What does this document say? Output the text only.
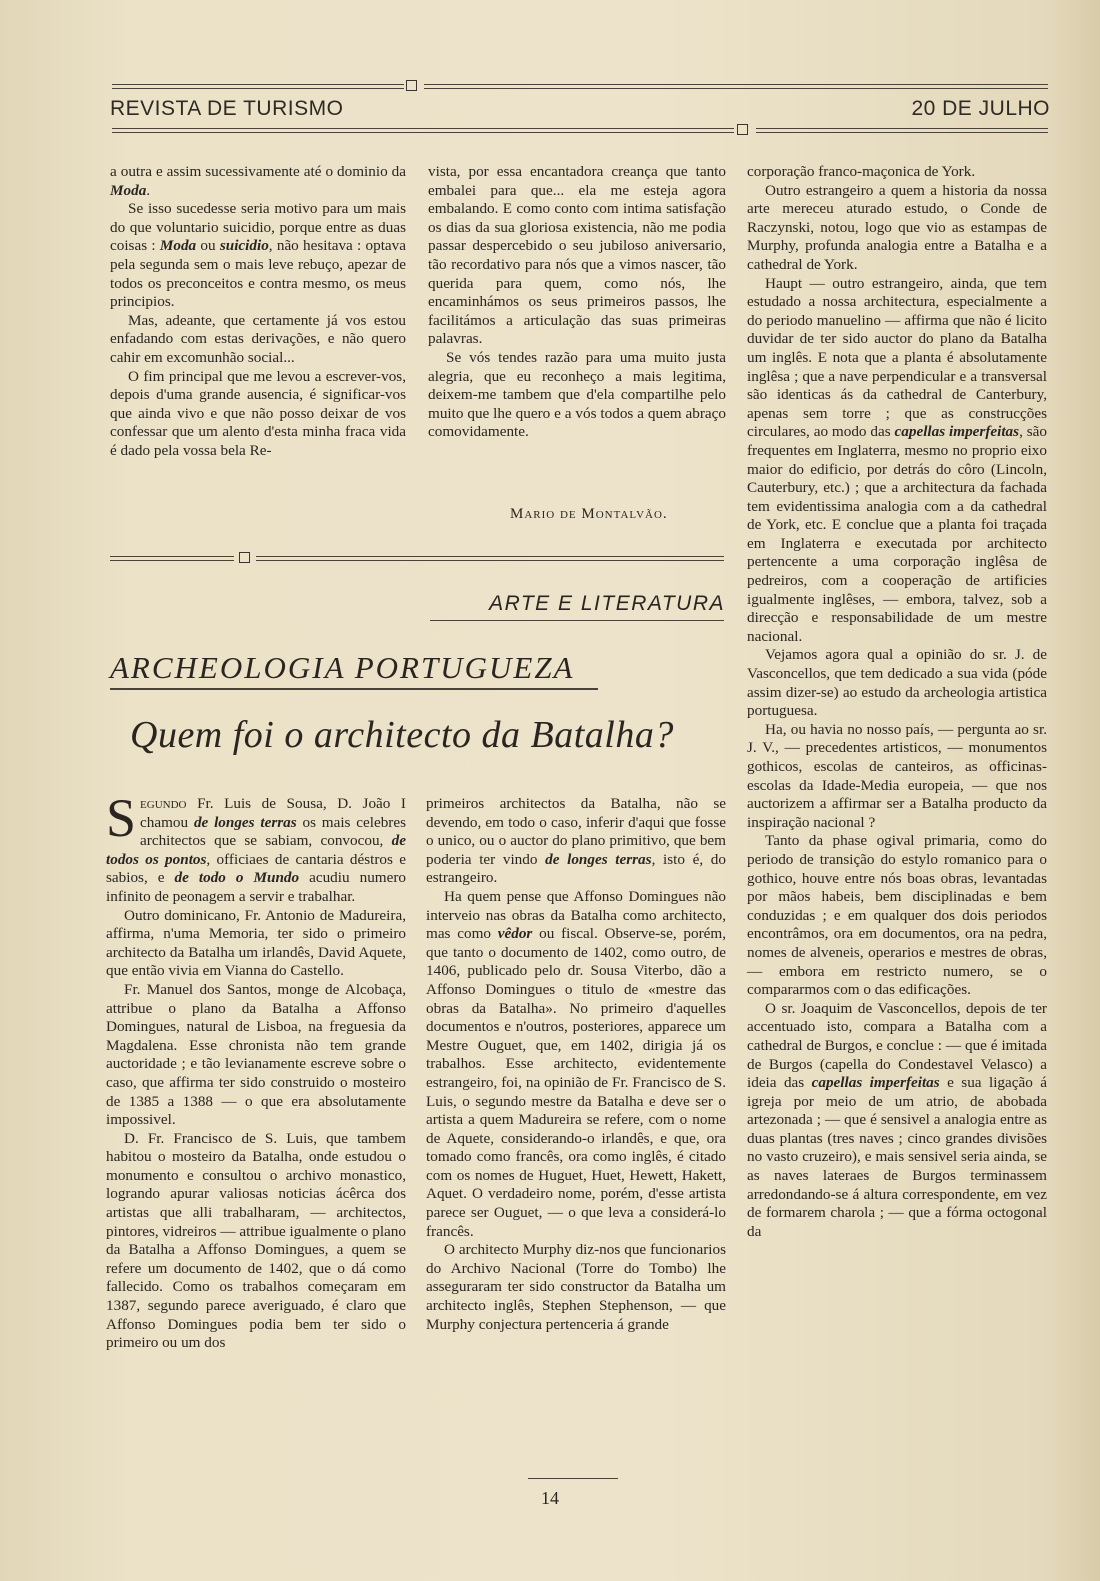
REVISTA DE TURISMO	20 DE JULHO

a outra e assim sucessivamente até o dominio da Moda.

Se isso sucedesse seria motivo para um mais do que voluntario suicidio, porque entre as duas coisas : Moda ou suicidio, não hesitava : optava pela segunda sem o mais leve rebuço, apezar de todos os preconceitos e contra mesmo, os meus principios.

Mas, adeante, que certamente já vos estou enfadando com estas derivações, e não quero cahir em excomunhão social...

O fim principal que me levou a escrever-vos, depois d'uma grande ausencia, é significar-vos que ainda vivo e que não posso deixar de vos confessar que um alento d'esta minha fraca vida é dado pela vossa bela Re-

vista, por essa encantadora creança que tanto embalei para que... ela me esteja agora embalando. E como conto com intima satisfação os dias da sua gloriosa existencia, não me podia passar despercebido o seu jubiloso aniversario, tão recordativo para nós que a vimos nascer, tão querida para quem, como nós, lhe encaminhámos os seus primeiros passos, lhe facilitámos a articulação das suas primeiras palavras.

Se vós tendes razão para uma muito justa alegria, que eu reconheço a mais legitima, deixem-me tambem que d'ela compartilhe pelo muito que lhe quero e a vós todos a quem abraço comovidamente.

Mario de Montalvão.
ARTE E LITERATURA
ARCHEOLOGIA PORTUGUEZA
Quem foi o architecto da Batalha?

Segundo Fr. Luis de Sousa, D. João I chamou de longes terras os mais celebres architectos que se sabiam, convocou, de todos os pontos, officiaes de cantaria déstros e sabios, e de todo o Mundo acudiu numero infinito de peonagem a servir e trabalhar.

Outro dominicano, Fr. Antonio de Madureira, affirma, n'uma Memoria, ter sido o primeiro architecto da Batalha um irlandês, David Aquete, que então vivia em Vianna do Castello.

Fr. Manuel dos Santos, monge de Alcobaça, attribue o plano da Batalha a Affonso Domingues, natural de Lisboa, na freguesia da Magdalena. Esse chronista não tem grande auctoridade ; e tão levianamente escreve sobre o caso, que affirma ter sido construido o mosteiro de 1385 a 1388 — o que era absolutamente impossivel.

D. Fr. Francisco de S. Luis, que tambem habitou o mosteiro da Batalha, onde estudou o monumento e consultou o archivo monastico, logrando apurar valiosas noticias ácêrca dos artistas que alli trabalharam, — architectos, pintores, vidreiros — attribue igualmente o plano da Batalha a Affonso Domingues, a quem se refere um documento de 1402, que o dá como fallecido. Como os trabalhos começaram em 1387, segundo parece averiguado, é claro que Affonso Domingues podia bem ter sido o primeiro ou um dos

primeiros architectos da Batalha, não se devendo, em todo o caso, inferir d'aqui que fosse o unico, ou o auctor do plano primitivo, que bem poderia ter vindo de longes terras, isto é, do estrangeiro.

Ha quem pense que Affonso Domingues não interveio nas obras da Batalha como architecto, mas como vêdor ou fiscal. Observe-se, porém, que tanto o documento de 1402, como outro, de 1406, publicado pelo dr. Sousa Viterbo, dão a Affonso Domingues o titulo de «mestre das obras da Batalha». No primeiro d'aquelles documentos e n'outros, posteriores, apparece um Mestre Ouguet, que, em 1402, dirigia já os trabalhos. Esse architecto, evidentemente estrangeiro, foi, na opinião de Fr. Francisco de S. Luis, o segundo mestre da Batalha e deve ser o artista a quem Madureira se refere, com o nome de Aquete, considerando-o irlandês, e que, ora tomado como francês, ora como inglês, é citado com os nomes de Huguet, Huet, Hewett, Hakett, Aquet. O verdadeiro nome, porém, d'esse artista parece ser Ouguet, — o que leva a considerá-lo francês.

O architecto Murphy diz-nos que funcionarios do Archivo Nacional (Torre do Tombo) lhe asseguraram ter sido constructor da Batalha um architecto inglês, Stephen Stephenson, — que Murphy conjectura pertenceria á grande

corporação franco-maçonica de York.

Outro estrangeiro a quem a historia da nossa arte mereceu aturado estudo, o Conde de Raczynski, notou, logo que vio as estampas de Murphy, profunda analogia entre a Batalha e a cathedral de York.

Haupt — outro estrangeiro, ainda, que tem estudado a nossa architectura, especialmente a do periodo manuelino — affirma que não é licito duvidar de ter sido auctor do plano da Batalha um inglês. E nota que a planta é absolutamente inglêsa ; que a nave perpendicular e a transversal são identicas ás da cathedral de Canterbury, apenas sem torre ; que as construcções circulares, ao modo das capellas imperfeitas, são frequentes em Inglaterra, mesmo no proprio eixo maior do edificio, por detrás do côro (Lincoln, Cauterbury, etc.) ; que a architectura da fachada tem evidentissima analogia com a da cathedral de York, etc. E conclue que a planta foi traçada em Inglaterra e executada por architecto pertencente a uma corporação inglêsa de pedreiros, com a cooperação de artificies igualmente inglêses, — embora, talvez, sob a direcção e responsabilidade de um mestre nacional.

Vejamos agora qual a opinião do sr. J. de Vasconcellos, que tem dedicado a sua vida (póde assim dizer-se) ao estudo da archeologia artistica portuguesa.

Ha, ou havia no nosso país, — pergunta ao sr. J. V., — precedentes artisticos, — monumentos gothicos, escolas de canteiros, as officinas-escolas da Idade-Media europeia, — que nos auctorizem a affirmar ser a Batalha producto da inspiração nacional ?

Tanto da phase ogival primaria, como do periodo de transição do estylo romanico para o gothico, houve entre nós boas obras, levantadas por mãos habeis, bem disciplinadas e bem conduzidas ; e em qualquer dos dois periodos encontrâmos, ora em documentos, ora na pedra, nomes de alveneis, operarios e mestres de obras, — embora em restricto numero, se o compararmos com o das edificações.

O sr. Joaquim de Vasconcellos, depois de ter accentuado isto, compara a Batalha com a cathedral de Burgos, e conclue : — que é imitada de Burgos (capella do Condestavel Velasco) a ideia das capellas imperfeitas e sua ligação á igreja por meio de um atrio, de abobada artezonada ; — que é sensivel a analogia entre as duas plantas (tres naves ; cinco grandes divisões no vasto cruzeiro), e mais sensivel seria ainda, se as naves lateraes de Burgos terminassem arredondando-se á altura correspondente, em vez de formarem charola ; — que a fórma octogonal da

14
